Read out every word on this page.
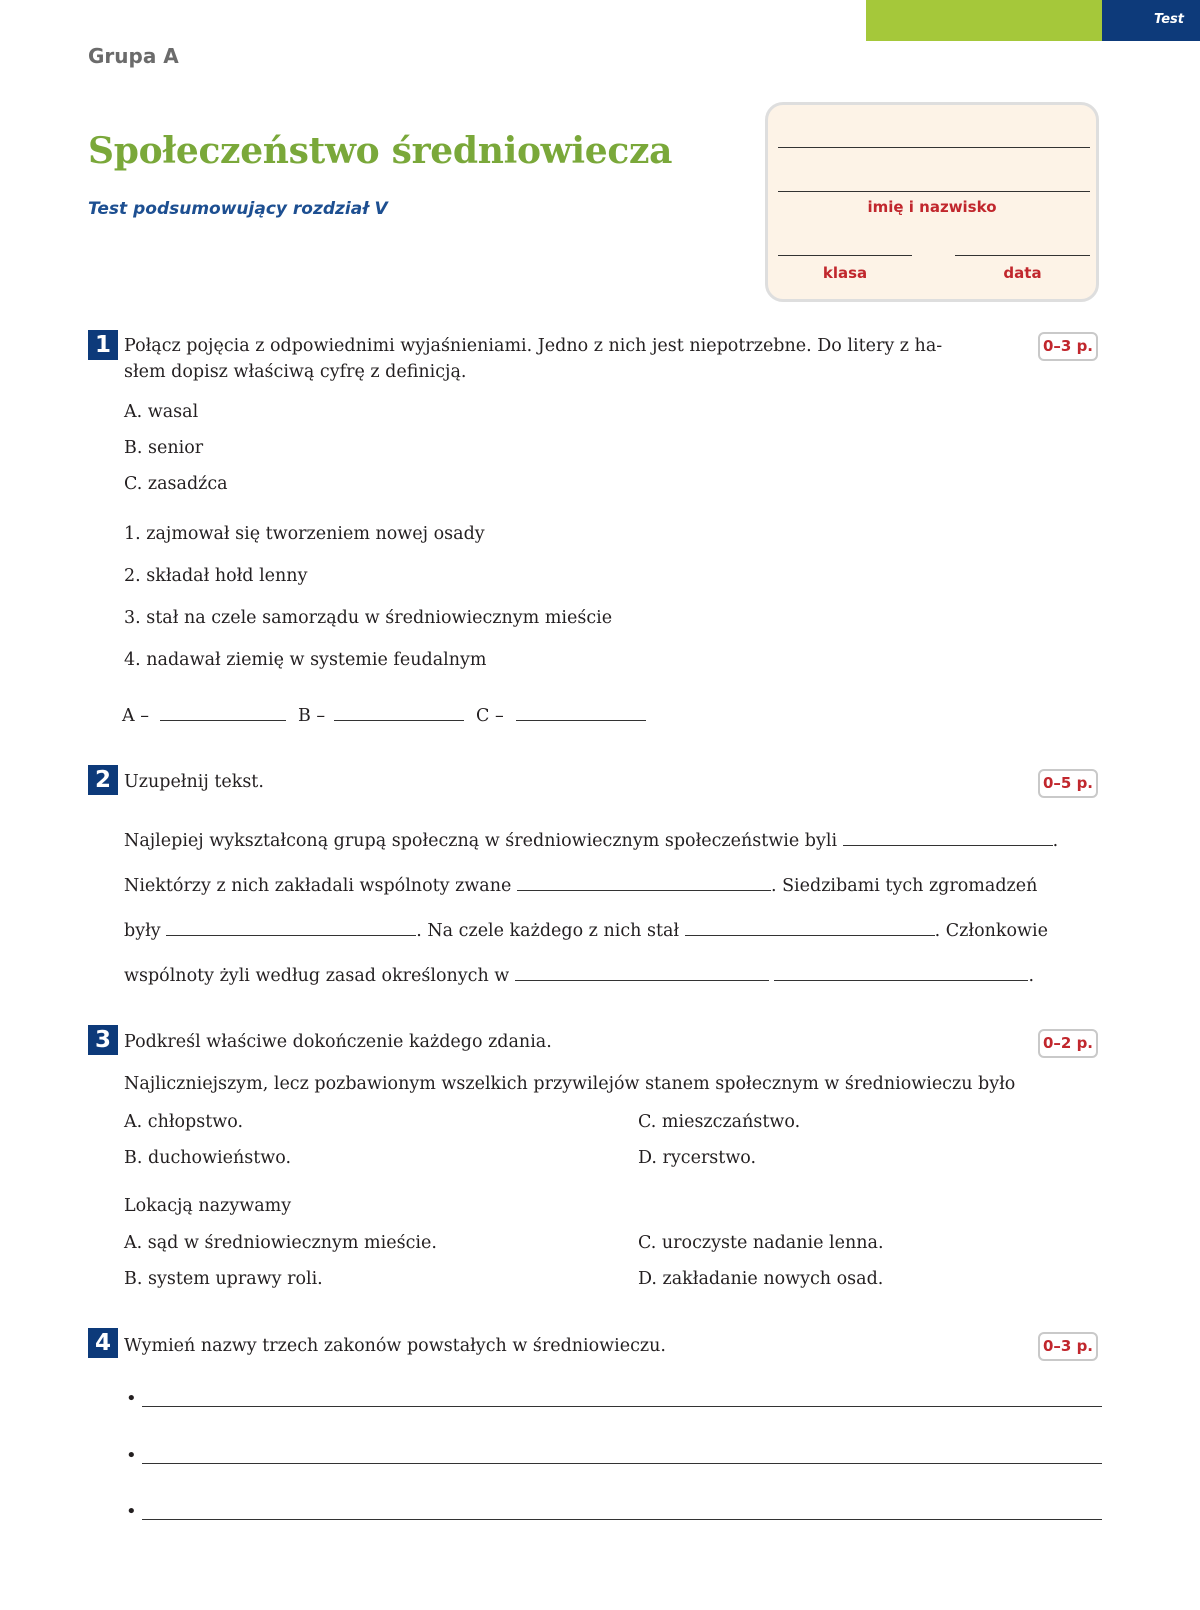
Test
Grupa A
Społeczeństwo średniowiecza
Test podsumowujący rozdział V	imię i nazwisko
klasa	data
1	0–3 p.
Połącz pojęcia z odpowiednimi wyjaśnieniami. Jedno z nich jest niepotrzebne. Do litery z ha-
słem dopisz właściwą cyfrę z definicją.
A. wasal
B. senior
C. zasadźca
1. zajmował się tworzeniem nowej osady
2. składał hołd lenny
3. stał na czele samorządu w średniowiecznym mieście
4. nadawał ziemię w systemie feudalnym
A –	B –	C –
2	0–5 p.
Uzupełnij tekst.
Najlepiej wykształconą grupą społeczną w średniowiecznym społeczeństwie byli	.
Niektórzy z nich zakładali wspólnoty zwane	. Siedzibami tych zgromadzeń
były	. Na czele każdego z nich stał	. Członkowie
wspólnoty żyli według zasad określonych w	.
3	0–2 p.
Podkreśl właściwe dokończenie każdego zdania.
Najliczniejszym, lecz pozbawionym wszelkich przywilejów stanem społecznym w średniowieczu było
A. chłopstwo.
B. duchowieństwo.
C. mieszczaństwo.
D. rycerstwo.
Lokacją nazywamy
A. sąd w średniowiecznym mieście.
B. system uprawy roli.
C. uroczyste nadanie lenna.
D. zakładanie nowych osad.
4	0–3 p.
Wymień nazwy trzech zakonów powstałych w średniowieczu.
•
•
•
